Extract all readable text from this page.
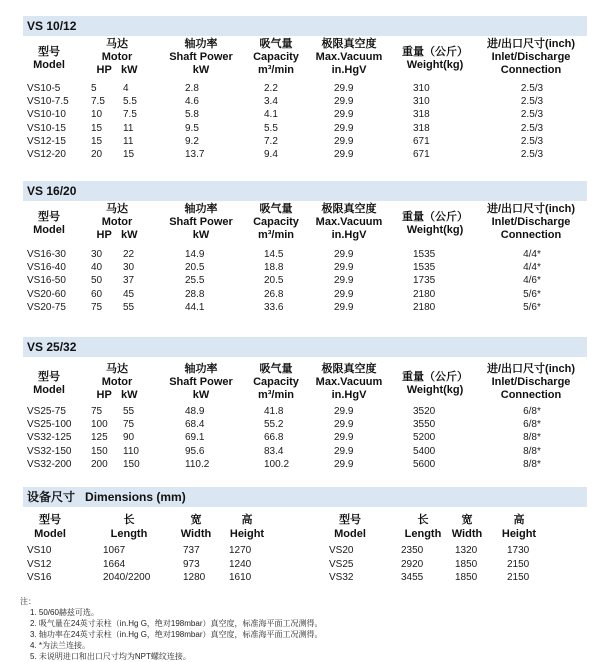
VS 10/12
型号
Model
马达
Motor
HP kW
轴功率
Shaft Power
kW
吸气量
Capacity
m³/min
极限真空度
Max.Vacuum
in.HgV
重量（公斤）
Weight(kg)
进/出口尺寸(inch)
Inlet/Discharge
Connection
VS10-5	5	4	2.8	2.2	29.9	310	2.5/3
VS10-7.5 7.5 5.5	4.6	3.4	29.9	310	2.5/3
VS10-10	10 7.5	5.8	4.1	29.9	318	2.5/3
VS10-15	15 11	9.5	5.5	29.9	318	2.5/3
VS12-15	15 11	9.2	7.2	29.9	671	2.5/3
VS12-20	20 15	13.7	9.4	29.9	671	2.5/3
VS 16/20
型号
Model
马达
Motor
HP kW
轴功率
Shaft Power
kW
吸气量
Capacity
m³/min
极限真空度
Max.Vacuum
in.HgV
重量（公斤）
Weight(kg)
进/出口尺寸(inch)
Inlet/Discharge
Connection
VS16-30	30 22	14.9	14.5	29.9	1535	4/4*
VS16-40	40 30	20.5	18.8	29.9	1535	4/4*
VS16-50	50 37	25.5	20.5	29.9	1735	4/6*
VS20-60	60 45	28.8	26.8	29.9	2180	5/6*
VS20-75	75 55	44.1	33.6	29.9	2180	5/6*
VS 25/32
型号
Model
马达
Motor
HP kW
轴功率
Shaft Power
kW
吸气量
Capacity
m³/min
极限真空度
Max.Vacuum
in.HgV
重量（公斤）
Weight(kg)
进/出口尺寸(inch)
Inlet/Discharge
Connection
VS25-75	75 55	48.9	41.8	29.9	3520	6/8*
VS25-100 100 75	68.4	55.2	29.9	3550	6/8*
VS32-125 125 90	69.1	66.8	29.9	5200	8/8*
VS32-150 150 110	95.6	83.4	29.9	5400	8/8*
VS32-200 200 150	110.2	100.2	29.9	5600	8/8*
设备尺寸 Dimensions (mm)
型号
Model
长
Length
宽
Width
高
Height
型号
Model
长
Length
宽
Width
高
Height
VS10	1067	737	1270	VS20	2350	1320	1730
VS12	1664	973	1240	VS25	2920	1850	2150
VS16	2040/2200	1280 1610	VS32	3455	1850	2150
注：
1. 50/60赫兹可选。
2. 吸气量在24英寸汞柱（in.Hg G，绝对198mbar）真空度，标准海平面工况测得。
3. 轴功率在24英寸汞柱（in.Hg G，绝对198mbar）真空度，标准海平面工况测得。
4. *为法兰连接。
5. 未说明进口和出口尺寸均为NPT螺纹连接。
